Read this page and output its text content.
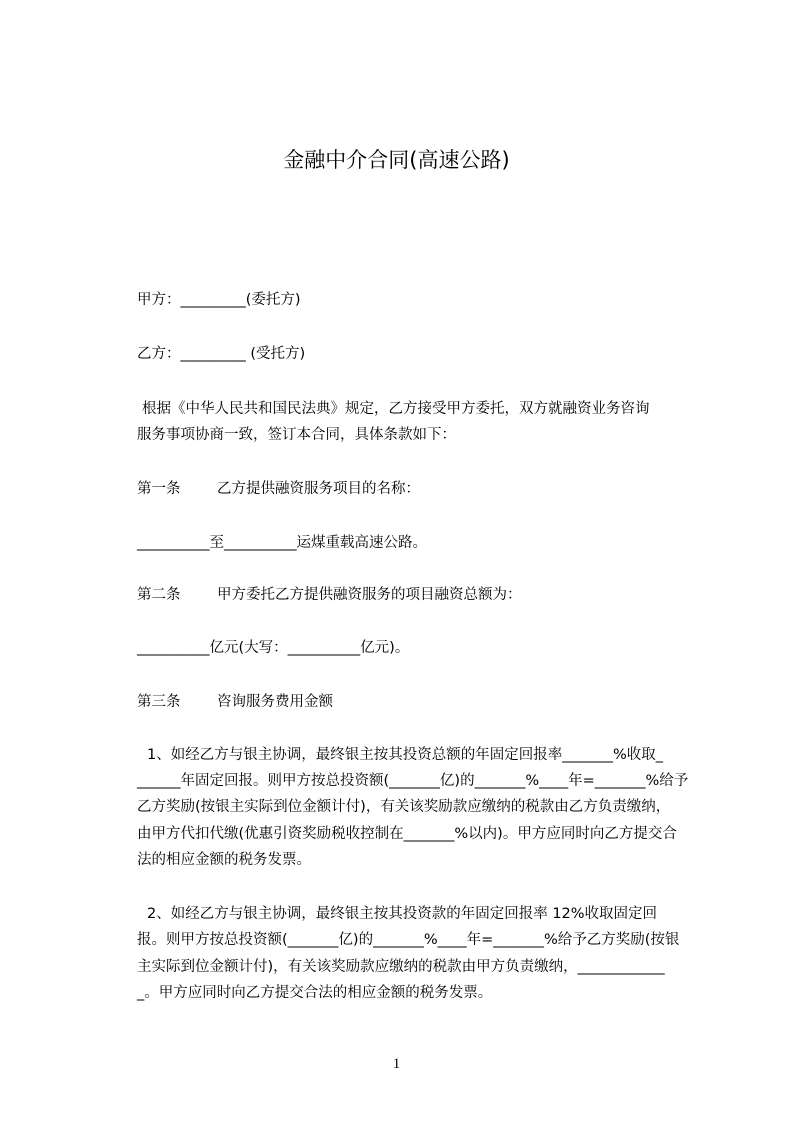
金融中介合同(高速公路)
甲方：_________(委托方)
乙方：_________ (受托方)
根据《中华人民共和国民法典》规定，乙方接受甲方委托，双方就融资业务咨询
服务事项协商一致，签订本合同，具体条款如下：
第一条	乙方提供融资服务项目的名称：
__________至__________运煤重载高速公路。
第二条	甲方委托乙方提供融资服务的项目融资总额为：
__________亿元(大写：__________亿元)。
第三条	咨询服务费用金额
1、如经乙方与银主协调，最终银主按其投资总额的年固定回报率_______%收取_
______年固定回报。则甲方按总投资额(_______亿)的_______%____年=_______%给予
乙方奖励(按银主实际到位金额计付)，有关该奖励款应缴纳的税款由乙方负责缴纳，
由甲方代扣代缴(优惠引资奖励税收控制在_______%以内)。甲方应同时向乙方提交合
法的相应金额的税务发票。
2、如经乙方与银主协调，最终银主按其投资款的年固定回报率 12%收取固定回
报。则甲方按总投资额(_______亿)的_______%____年=_______%给予乙方奖励(按银
主实际到位金额计付)，有关该奖励款应缴纳的税款由甲方负责缴纳，____________
_。甲方应同时向乙方提交合法的相应金额的税务发票。
1
